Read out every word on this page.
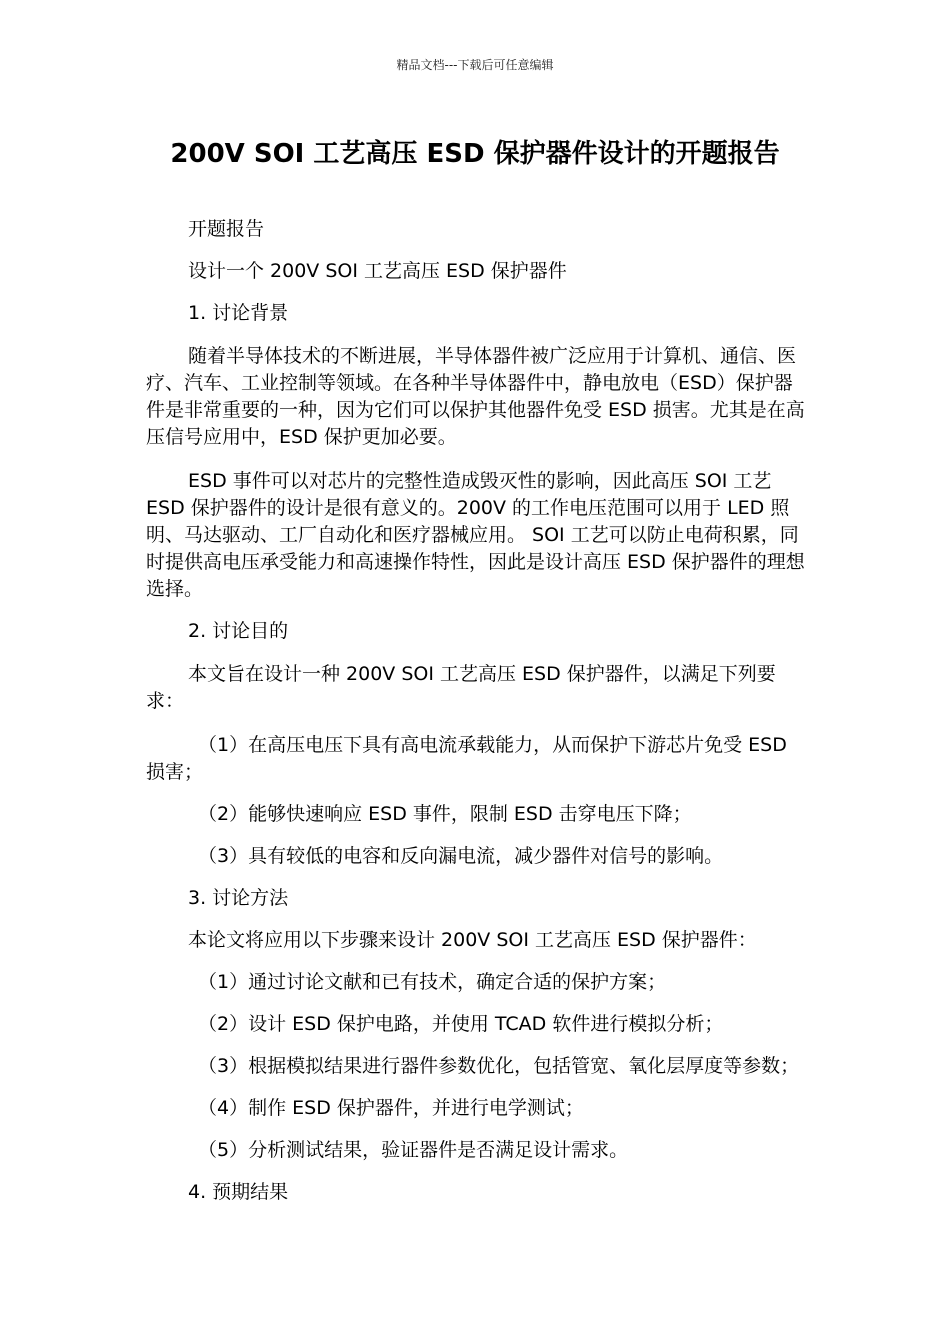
精品文档---下载后可任意编辑
200V SOI 工艺高压 ESD 保护器件设计的开题报告

开题报告

设计一个 200V SOI 工艺高压 ESD 保护器件

1. 讨论背景

随着半导体技术的不断进展，半导体器件被广泛应用于计算机、通信、医疗、汽车、工业控制等领域。在各种半导体器件中，静电放电（ESD）保护器件是非常重要的一种，因为它们可以保护其他器件免受 ESD 损害。尤其是在高压信号应用中，ESD 保护更加必要。

ESD 事件可以对芯片的完整性造成毁灭性的影响，因此高压 SOI 工艺 ESD 保护器件的设计是很有意义的。200V 的工作电压范围可以用于 LED 照明、马达驱动、工厂自动化和医疗器械应用。 SOI 工艺可以防止电荷积累，同时提供高电压承受能力和高速操作特性，因此是设计高压 ESD 保护器件的理想选择。

2. 讨论目的

本文旨在设计一种 200V SOI 工艺高压 ESD 保护器件，以满足下列要求：

（1）在高压电压下具有高电流承载能力，从而保护下游芯片免受 ESD 损害；

（2）能够快速响应 ESD 事件，限制 ESD 击穿电压下降；

（3）具有较低的电容和反向漏电流，减少器件对信号的影响。

3. 讨论方法

本论文将应用以下步骤来设计 200V SOI 工艺高压 ESD 保护器件：

（1）通过讨论文献和已有技术，确定合适的保护方案；

（2）设计 ESD 保护电路，并使用 TCAD 软件进行模拟分析；

（3）根据模拟结果进行器件参数优化，包括管宽、氧化层厚度等参数；

（4）制作 ESD 保护器件，并进行电学测试；

（5）分析测试结果，验证器件是否满足设计需求。

4. 预期结果
